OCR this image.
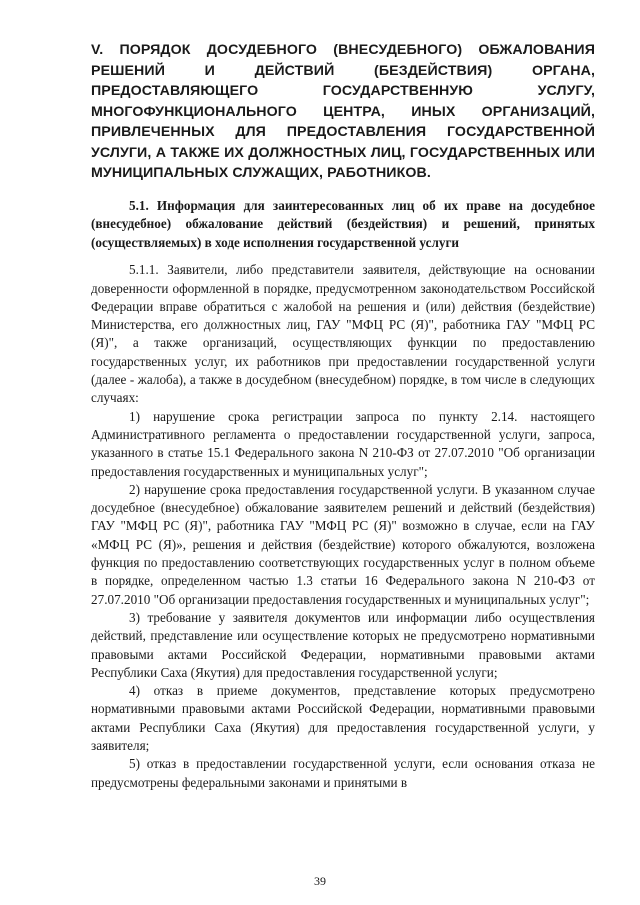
V. ПОРЯДОК ДОСУДЕБНОГО (ВНЕСУДЕБНОГО) ОБЖАЛОВАНИЯ РЕШЕНИЙ И ДЕЙСТВИЙ (БЕЗДЕЙСТВИЯ) ОРГАНА, ПРЕДОСТАВЛЯЮЩЕГО ГОСУДАРСТВЕННУЮ УСЛУГУ, МНОГОФУНКЦИОНАЛЬНОГО ЦЕНТРА, ИНЫХ ОРГАНИЗАЦИЙ, ПРИВЛЕЧЕННЫХ ДЛЯ ПРЕДОСТАВЛЕНИЯ ГОСУДАРСТВЕННОЙ УСЛУГИ, А ТАКЖЕ ИХ ДОЛЖНОСТНЫХ ЛИЦ, ГОСУДАРСТВЕННЫХ ИЛИ МУНИЦИПАЛЬНЫХ СЛУЖАЩИХ, РАБОТНИКОВ.
5.1. Информация для заинтересованных лиц об их праве на досудебное (внесудебное) обжалование действий (бездействия) и решений, принятых (осуществляемых) в ходе исполнения государственной услуги

5.1.1. Заявители, либо представители заявителя, действующие на основании доверенности оформленной в порядке, предусмотренном законодательством Российской Федерации вправе обратиться с жалобой на решения и (или) действия (бездействие) Министерства, его должностных лиц, ГАУ "МФЦ РС (Я)", работника ГАУ "МФЦ РС (Я)", а также организаций, осуществляющих функции по предоставлению государственных услуг, их работников при предоставлении государственной услуги (далее - жалоба), а также в досудебном (внесудебном) порядке, в том числе в следующих случаях:

1) нарушение срока регистрации запроса по пункту 2.14. настоящего Административного регламента о предоставлении государственной услуги, запроса, указанного в статье 15.1 Федерального закона N 210-ФЗ от 27.07.2010 "Об организации предоставления государственных и муниципальных услуг";

2) нарушение срока предоставления государственной услуги. В указанном случае досудебное (внесудебное) обжалование заявителем решений и действий (бездействия) ГАУ "МФЦ РС (Я)", работника ГАУ "МФЦ РС (Я)" возможно в случае, если на ГАУ «МФЦ РС (Я)», решения и действия (бездействие) которого обжалуются, возложена функция по предоставлению соответствующих государственных услуг в полном объеме в порядке, определенном частью 1.3 статьи 16 Федерального закона N 210-ФЗ от 27.07.2010 "Об организации предоставления государственных и муниципальных услуг";

3) требование у заявителя документов или информации либо осуществления действий, представление или осуществление которых не предусмотрено нормативными правовыми актами Российской Федерации, нормативными правовыми актами Республики Саха (Якутия) для предоставления государственной услуги;

4) отказ в приеме документов, представление которых предусмотрено нормативными правовыми актами Российской Федерации, нормативными правовыми актами Республики Саха (Якутия) для предоставления государственной услуги, у заявителя;

5) отказ в предоставлении государственной услуги, если основания отказа не предусмотрены федеральными законами и принятыми в

39
